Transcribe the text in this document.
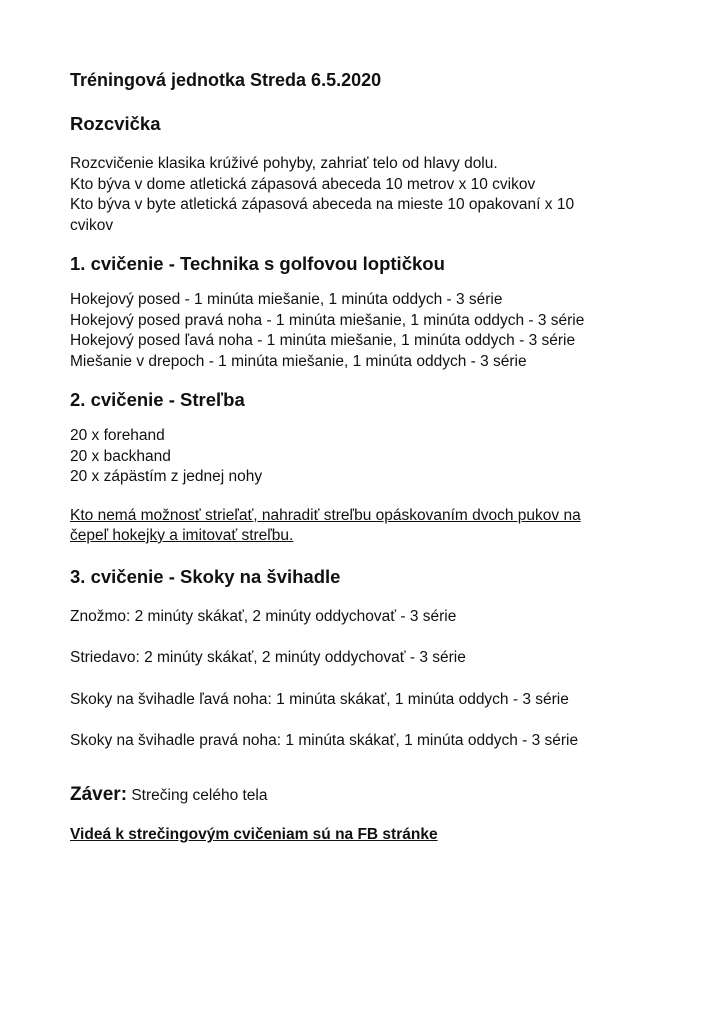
Tréningová jednotka Streda 6.5.2020
Rozcvička
Rozcvičenie klasika krúživé pohyby, zahriať telo od hlavy dolu.
Kto býva v dome atletická zápasová abeceda 10 metrov x 10 cvikov
Kto býva v byte atletická zápasová abeceda na mieste 10 opakovaní x 10
cvikov
1. cvičenie - Technika s golfovou loptičkou
Hokejový posed - 1 minúta miešanie, 1 minúta oddych - 3 série
Hokejový posed pravá noha - 1 minúta miešanie, 1 minúta oddych - 3 série
Hokejový posed ľavá noha - 1 minúta miešanie, 1 minúta oddych - 3 série
Miešanie v drepoch - 1 minúta miešanie, 1 minúta oddych - 3 série
2. cvičenie - Streľba
20 x forehand
20 x backhand
20 x zápästím z jednej nohy
Kto nemá možnosť strieľať, nahradiť streľbu opáskovaním dvoch pukov na
čepeľ hokejky a imitovať streľbu.
3. cvičenie - Skoky na švihadle
Znožmo: 2 minúty skákať, 2 minúty oddychovať - 3 série
Striedavo: 2 minúty skákať, 2 minúty oddychovať - 3 série
Skoky na švihadle ľavá noha: 1 minúta skákať, 1 minúta oddych - 3 série
Skoky na švihadle pravá noha: 1 minúta skákať, 1 minúta oddych - 3 série
Záver: Strečing celého tela
Videá k strečingovým cvičeniam sú na FB stránke
